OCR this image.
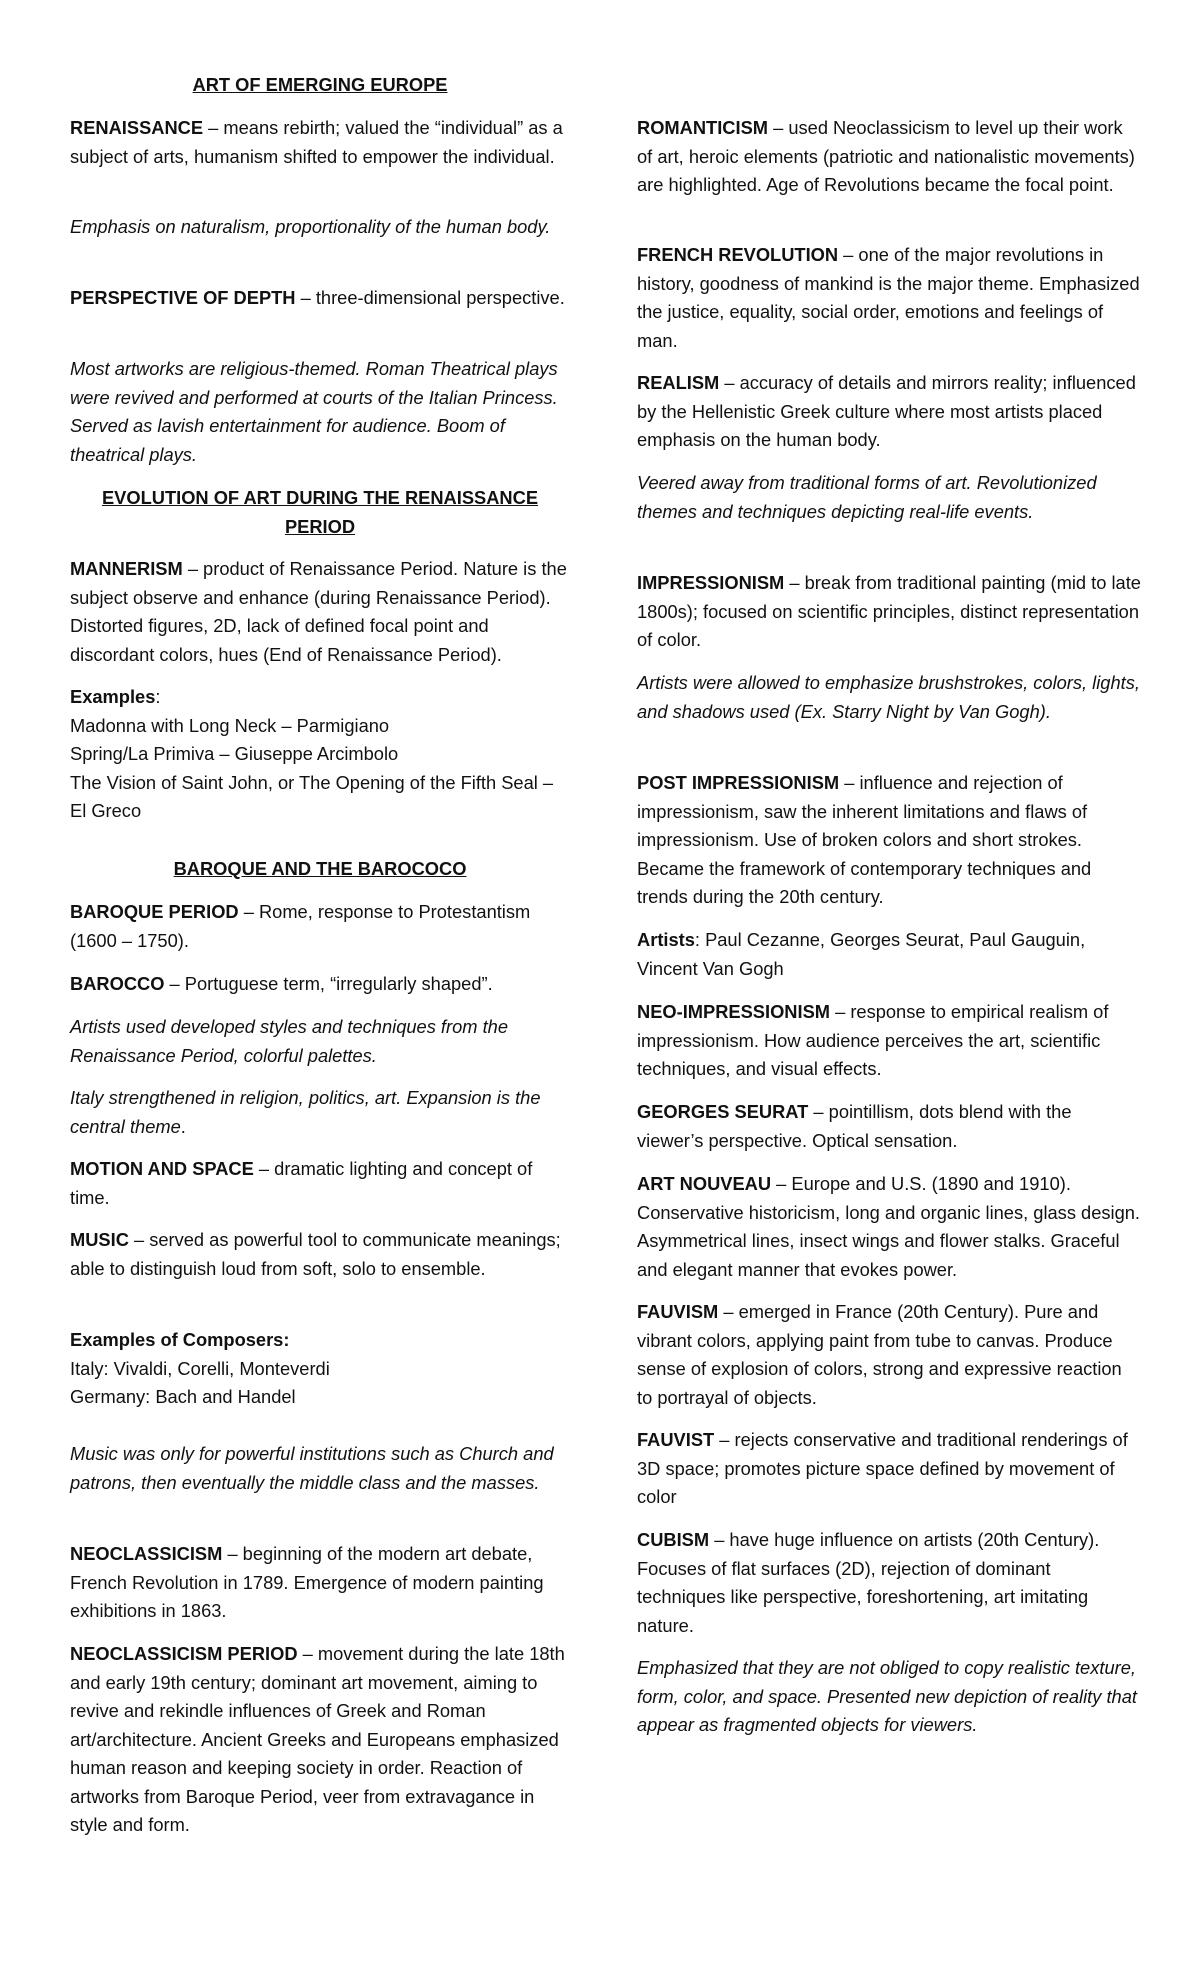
ART OF EMERGING EUROPE

RENAISSANCE – means rebirth; valued the “individual” as a subject of arts, humanism shifted to empower the individual.

Emphasis on naturalism, proportionality of the human body.

PERSPECTIVE OF DEPTH – three-dimensional perspective.

Most artworks are religious-themed. Roman Theatrical plays were revived and performed at courts of the Italian Princess. Served as lavish entertainment for audience. Boom of theatrical plays.

EVOLUTION OF ART DURING THE RENAISSANCE PERIOD

MANNERISM – product of Renaissance Period. Nature is the subject observe and enhance (during Renaissance Period). Distorted figures, 2D, lack of defined focal point and discordant colors, hues (End of Renaissance Period).

Examples:
Madonna with Long Neck – Parmigiano
Spring/La Primiva – Giuseppe Arcimbolo
The Vision of Saint John, or The Opening of the Fifth Seal – El Greco

BAROQUE AND THE BAROCOCO

BAROQUE PERIOD – Rome, response to Protestantism (1600 – 1750).

BAROCCO – Portuguese term, “irregularly shaped”.

Artists used developed styles and techniques from the Renaissance Period, colorful palettes.

Italy strengthened in religion, politics, art. Expansion is the central theme.

MOTION AND SPACE – dramatic lighting and concept of time.

MUSIC – served as powerful tool to communicate meanings; able to distinguish loud from soft, solo to ensemble.

Examples of Composers:
Italy: Vivaldi, Corelli, Monteverdi
Germany: Bach and Handel

Music was only for powerful institutions such as Church and patrons, then eventually the middle class and the masses.

NEOCLASSICISM – beginning of the modern art debate, French Revolution in 1789. Emergence of modern painting exhibitions in 1863.

NEOCLASSICISM PERIOD – movement during the late 18th and early 19th century; dominant art movement, aiming to revive and rekindle influences of Greek and Roman art/architecture. Ancient Greeks and Europeans emphasized human reason and keeping society in order. Reaction of artworks from Baroque Period, veer from extravagance in style and form.

ROMANTICISM – used Neoclassicism to level up their work of art, heroic elements (patriotic and nationalistic movements) are highlighted. Age of Revolutions became the focal point.

FRENCH REVOLUTION – one of the major revolutions in history, goodness of mankind is the major theme. Emphasized the justice, equality, social order, emotions and feelings of man.

REALISM – accuracy of details and mirrors reality; influenced by the Hellenistic Greek culture where most artists placed emphasis on the human body.

Veered away from traditional forms of art. Revolutionized themes and techniques depicting real-life events.

IMPRESSIONISM – break from traditional painting (mid to late 1800s); focused on scientific principles, distinct representation of color.

Artists were allowed to emphasize brushstrokes, colors, lights, and shadows used (Ex. Starry Night by Van Gogh).

POST IMPRESSIONISM – influence and rejection of impressionism, saw the inherent limitations and flaws of impressionism. Use of broken colors and short strokes. Became the framework of contemporary techniques and trends during the 20th century.

Artists: Paul Cezanne, Georges Seurat, Paul Gauguin, Vincent Van Gogh

NEO-IMPRESSIONISM – response to empirical realism of impressionism. How audience perceives the art, scientific techniques, and visual effects.

GEORGES SEURAT – pointillism, dots blend with the viewer’s perspective. Optical sensation.

ART NOUVEAU – Europe and U.S. (1890 and 1910). Conservative historicism, long and organic lines, glass design. Asymmetrical lines, insect wings and flower stalks. Graceful and elegant manner that evokes power.

FAUVISM – emerged in France (20th Century). Pure and vibrant colors, applying paint from tube to canvas. Produce sense of explosion of colors, strong and expressive reaction to portrayal of objects.

FAUVIST – rejects conservative and traditional renderings of 3D space; promotes picture space defined by movement of color

CUBISM – have huge influence on artists (20th Century). Focuses of flat surfaces (2D), rejection of dominant techniques like perspective, foreshortening, art imitating nature.

Emphasized that they are not obliged to copy realistic texture, form, color, and space. Presented new depiction of reality that appear as fragmented objects for viewers.
